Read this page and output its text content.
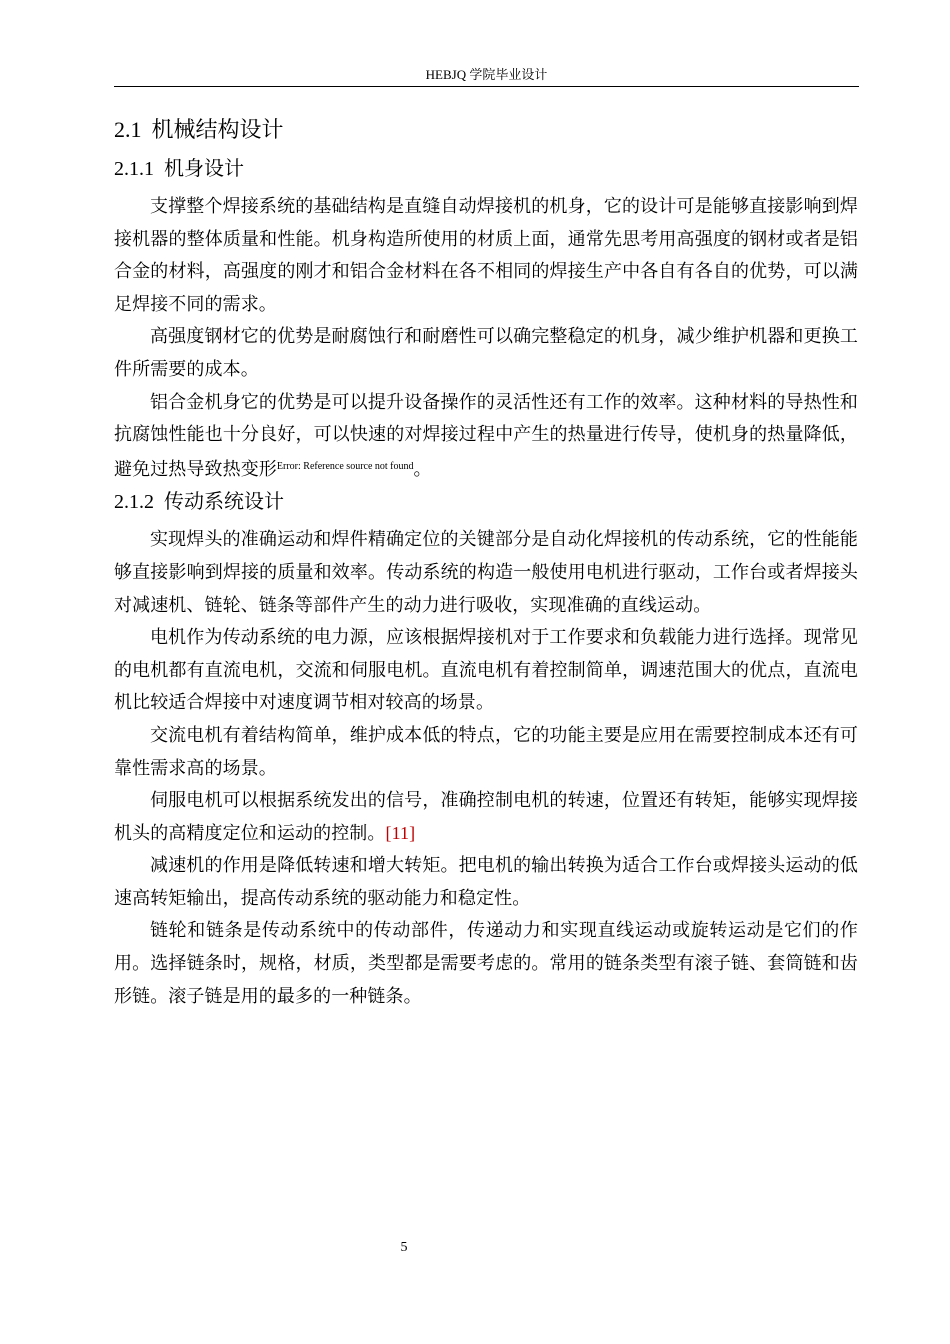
HEBJQ 学院毕业设计
2.1 机械结构设计
2.1.1 机身设计

支撑整个焊接系统的基础结构是直缝自动焊接机的机身，它的设计可是能够直接影响到焊接机器的整体质量和性能。机身构造所使用的材质上面，通常先思考用高强度的钢材或者是铝合金的材料，高强度的刚才和铝合金材料在各不相同的焊接生产中各自有各自的优势，可以满足焊接不同的需求。

高强度钢材它的优势是耐腐蚀行和耐磨性可以确完整稳定的机身，减少维护机器和更换工件所需要的成本。

铝合金机身它的优势是可以提升设备操作的灵活性还有工作的效率。这种材料的导热性和抗腐蚀性能也十分良好，可以快速的对焊接过程中产生的热量进行传导，使机身的热量降低，避免过热导致热变形$^{Error: Reference source not found}$。

2.1.2 传动系统设计

实现焊头的准确运动和焊件精确定位的关键部分是自动化焊接机的传动系统，它的性能能够直接影响到焊接的质量和效率。传动系统的构造一般使用电机进行驱动，工作台或者焊接头对减速机、链轮、链条等部件产生的动力进行吸收，实现准确的直线运动。

电机作为传动系统的电力源，应该根据焊接机对于工作要求和负载能力进行选择。现常见的电机都有直流电机，交流和伺服电机。直流电机有着控制简单，调速范围大的优点，直流电机比较适合焊接中对速度调节相对较高的场景。

交流电机有着结构简单，维护成本低的特点，它的功能主要是应用在需要控制成本还有可靠性需求高的场景。

伺服电机可以根据系统发出的信号，准确控制电机的转速，位置还有转矩，能够实现焊接机头的高精度定位和运动的控制。[11]

减速机的作用是降低转速和增大转矩。把电机的输出转换为适合工作台或焊接头运动的低速高转矩输出，提高传动系统的驱动能力和稳定性。

链轮和链条是传动系统中的传动部件，传递动力和实现直线运动或旋转运动是它们的作用。选择链条时，规格，材质，类型都是需要考虑的。常用的链条类型有滚子链、套筒链和齿形链。滚子链是用的最多的一种链条。

5
